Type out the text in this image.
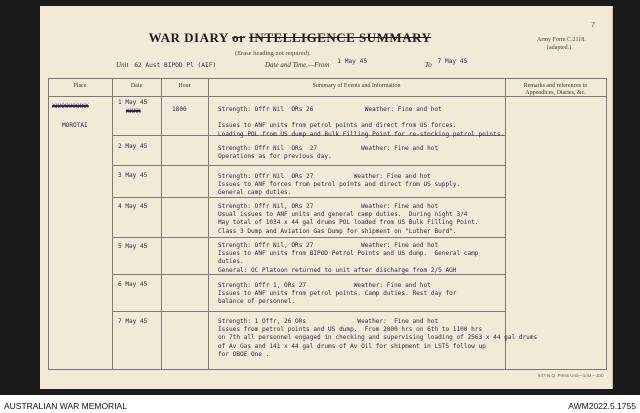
7
WAR DIARY or INTELLIGENCE SUMMARY
(Erase heading not required).
Army Form C.2118.
(adapted.)
Unit 62 Aust BIPOD Pl (AIF)	Date and Time.—From 1 May 45	To 7 May 45
Place	Date	Hour	Summary of Events and Information	Remarks and references to
Appendices, Diaries, &c.
XXXXXXXXXX
MOROTAI
1 May 45
XXXX	1800	Strength: Offr Nil  ORs 26              Weather: Fine and hot

Issues to ANF units from petrol points and direct from US forces.
Loading POL from US dump and Bulk Filling Point for re-stocking petrol points.
2 May 45	Strength: Offr Nil  ORs  27            Weather: Fine and hot
Operations as for previous day.
3 May 45	Strength: Offr Nil  ORs 27           Weather: Fine and hot
Issues to ANF forces from petrol points and direct from US supply.
General camp duties.
4 May 45	Strength: Offr Nil, ORs 27             Weather: Fine and hot
Usual issues to ANF units and general camp duties.  During night 3/4
May total of 1034 x 44 gal drums POL loaded from US Bulk Filling Point.
Class 3 Dump and Aviation Gas Dump for shipment on "Luther Burd".
5 May 45	Strength: Offr Nil, ORs 27             Weather: Fine and hot
Issues to ANF units from BIPOD Petrol Points and US dump.  General camp
duties.
General: OC Platoon returned to unit after discharge from 2/5 AGH
6 May 45	Strength: Offr 1, ORs 27             Weather: Fine and hot
Issues to ANF units from petrol points. Camp duties. Rest day for
balance of personnel.
7 May 45	Strength: 1 Offr, 26 ORs              Weather:  Fine and hot
Issues from petrol points and US dump.  From 2000 hrs on 6th to 1100 hrs
on 7th all personnel engaged in checking and supervising loading of 2563 x 44 gal drums
of Av Gas and 141 x 44 gal drums of Av Oil for shipment in LSTS follow up
for OBOE One .
947-N.Q. Press Unit—1/44—100
AUSTRALIAN WAR MEMORIAL	AWM2022.5.1755
